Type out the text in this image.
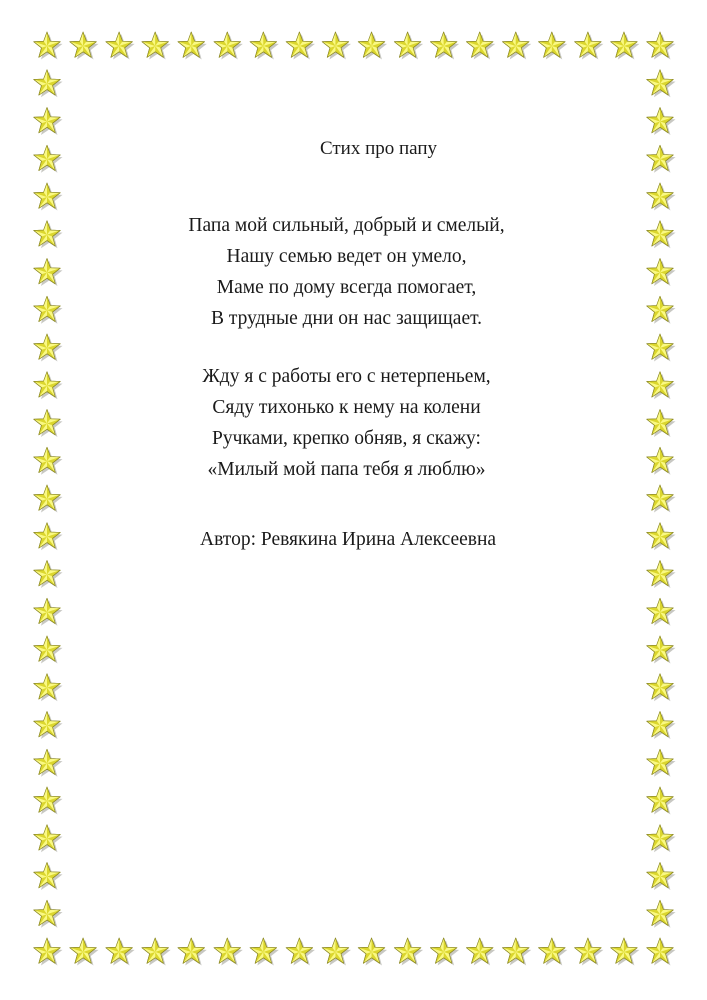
Стих про папу
Папа мой сильный, добрый и смелый,
Нашу семью ведет он умело,
Маме по дому всегда помогает,
В трудные дни он нас защищает.
Жду я с работы его с нетерпеньем,
Сяду тихонько к нему на колени
Ручками, крепко обняв, я скажу:
«Милый мой папа тебя я люблю»
Автор: Ревякина Ирина Алексеевна
